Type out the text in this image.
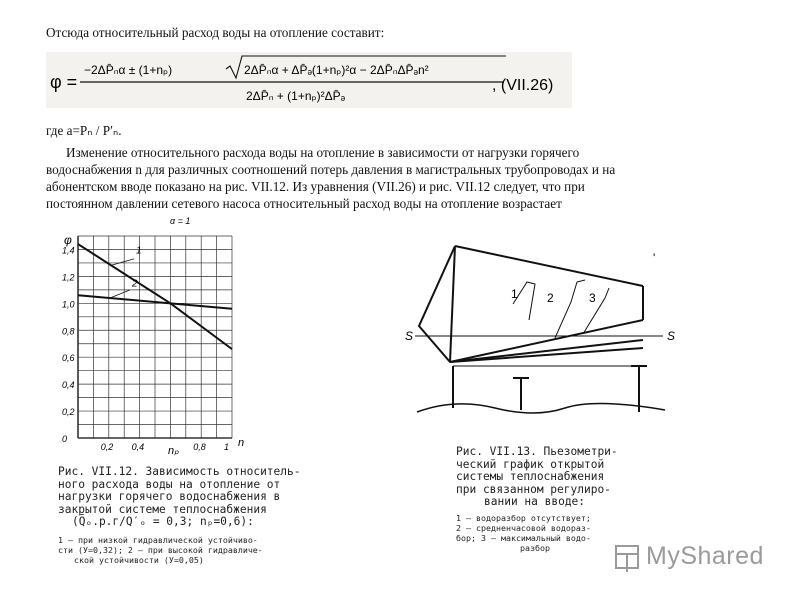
Отсюда относительный расход воды на отопление составит:
φ =
−2ΔP̄ₙα ± (1+nₚ)	2ΔP̄ₙα + ΔP̄ₔ(1+nₚ)²α − 2ΔP̄ₙΔP̄ₔn²
2ΔP̄ₙ + (1+nₚ)²ΔP̄ₔ
, (VII.26)
где a=Pₙ / P′ₙ.
Изменение относительного расхода воды на отопление в зависимости от нагрузки горячего
водоснабжения n для различных соотношений потерь давления в магистральных трубопроводах и на
абонентском вводе показано на рис. VII.12. Из уравнения (VII.26) и рис. VII.12 следует, что при
постоянном давлении сетевого насоса относительный расход воды на отопление возрастает
α = 1
φ
n
nₚ
1,4
1,2
1,0
0,8
0,6
0,4
0,2
0
0,2 0,4	0,8 1
1
2
Рис. VII.12. Зависимость относитель-
ного расхода воды на отопление от
нагрузки горячего водоснабжения в
закрытой системе теплоснабжения
(Q̄ₒ.р.г/Q′ₒ = 0,3; nₚ=0,6):
1 — при низкой гидравлической устойчиво-
сти (У=0,32); 2 — при высокой гидравличе-
ской устойчивости (У=0,05)
S	S
1 2	3
'
Рис. VII.13. Пьезометри-
ческий график открытой
системы теплоснабжения
при связанном регулиро-
вании на вводе:
1 — водоразбор отсутствует;
2 — средненчасовой водораз-
бор; 3 — максимальный водо-
разбор	MyShared
